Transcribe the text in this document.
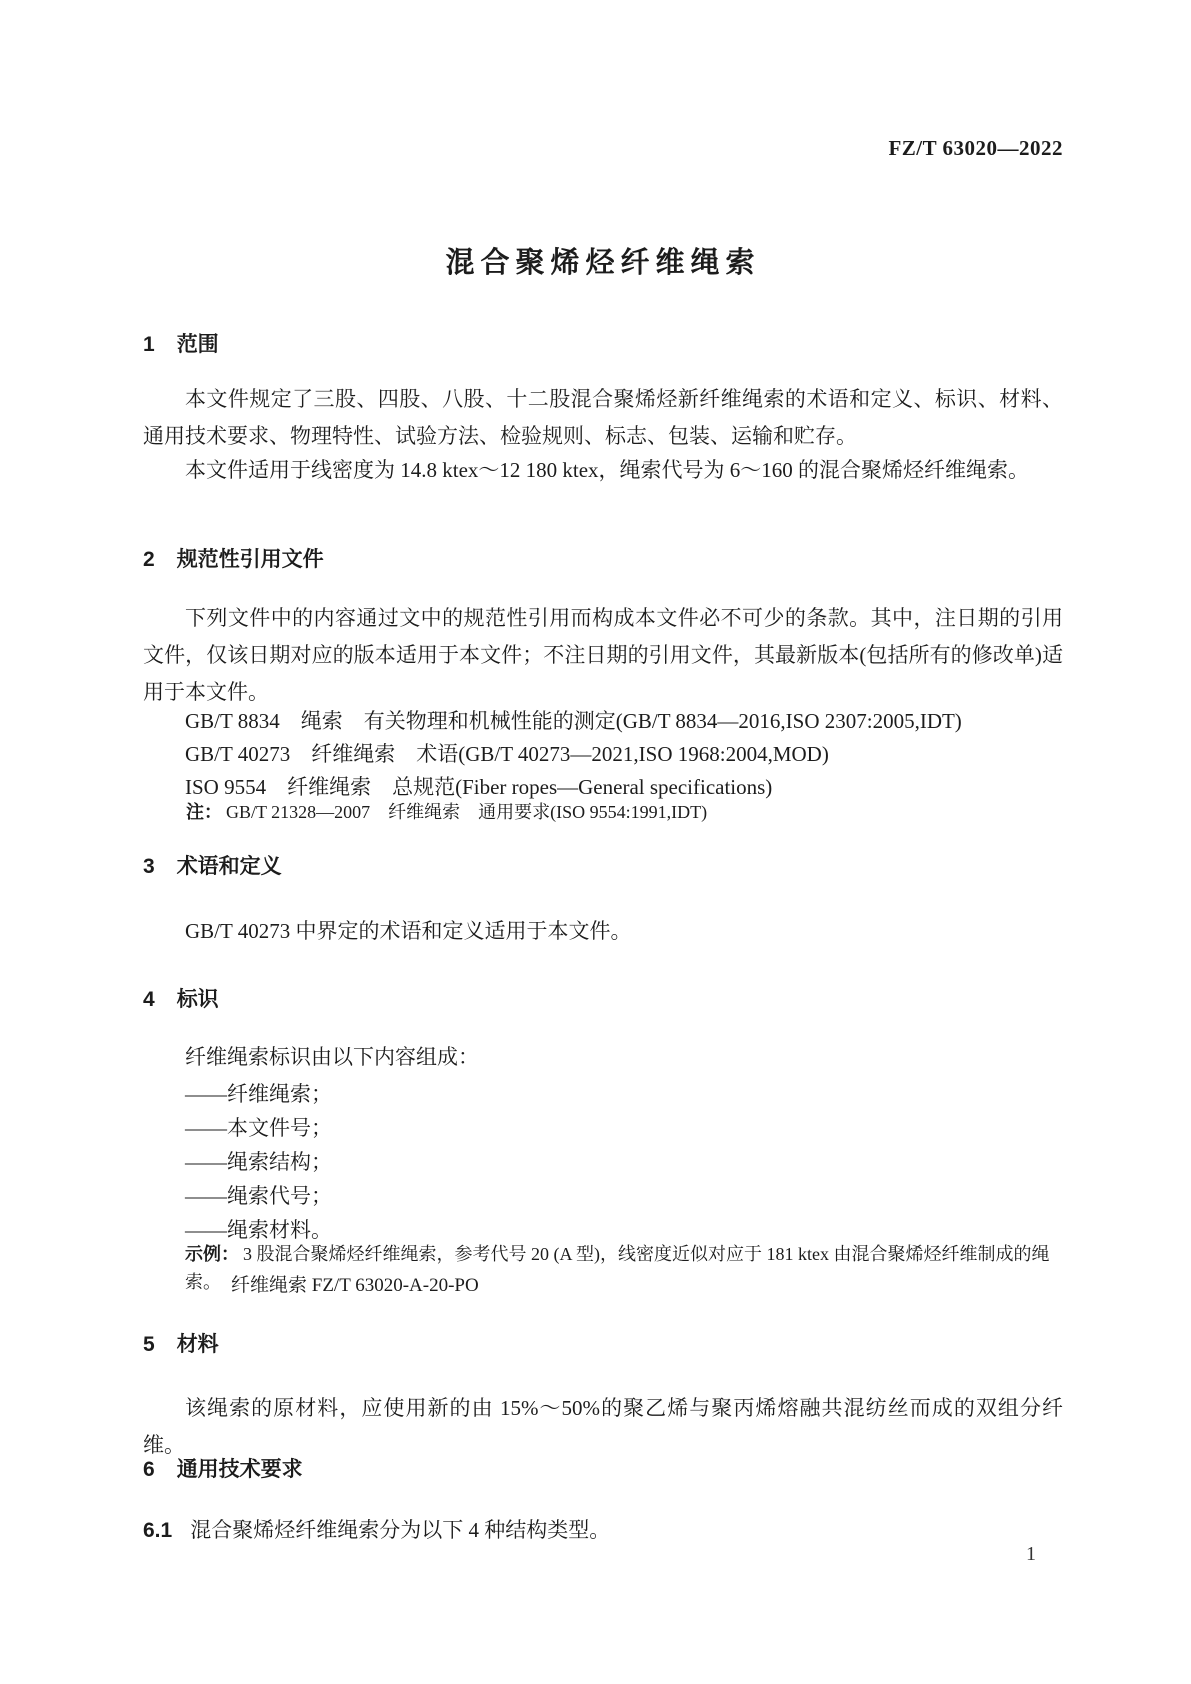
FZ/T 63020—2022
混合聚烯烃纤维绳索
1 范围
本文件规定了三股、四股、八股、十二股混合聚烯烃新纤维绳索的术语和定义、标识、材料、通用技术要求、物理特性、试验方法、检验规则、标志、包装、运输和贮存。
本文件适用于线密度为 14.8 ktex～12 180 ktex，绳索代号为 6～160 的混合聚烯烃纤维绳索。
2 规范性引用文件
下列文件中的内容通过文中的规范性引用而构成本文件必不可少的条款。其中，注日期的引用文件，仅该日期对应的版本适用于本文件；不注日期的引用文件，其最新版本(包括所有的修改单)适用于本文件。
GB/T 8834　绳索　有关物理和机械性能的测定(GB/T 8834—2016,ISO 2307:2005,IDT)
GB/T 40273　纤维绳索　术语(GB/T 40273—2021,ISO 1968:2004,MOD)
ISO 9554　纤维绳索　总规范(Fiber ropes—General specifications)
注： GB/T 21328—2007　纤维绳索　通用要求(ISO 9554:1991,IDT)
3 术语和定义
GB/T 40273 中界定的术语和定义适用于本文件。
4 标识
纤维绳索标识由以下内容组成：
——纤维绳索；
——本文件号；
——绳索结构；
——绳索代号；
——绳索材料。
示例： 3 股混合聚烯烃纤维绳索，参考代号 20 (A 型)，线密度近似对应于 181 ktex 由混合聚烯烃纤维制成的绳索。 纤维绳索 FZ/T 63020-A-20-PO
5 材料
该绳索的原材料，应使用新的由 15%～50%的聚乙烯与聚丙烯熔融共混纺丝而成的双组分纤维。
6 通用技术要求
6.1 混合聚烯烃纤维绳索分为以下 4 种结构类型。
1
